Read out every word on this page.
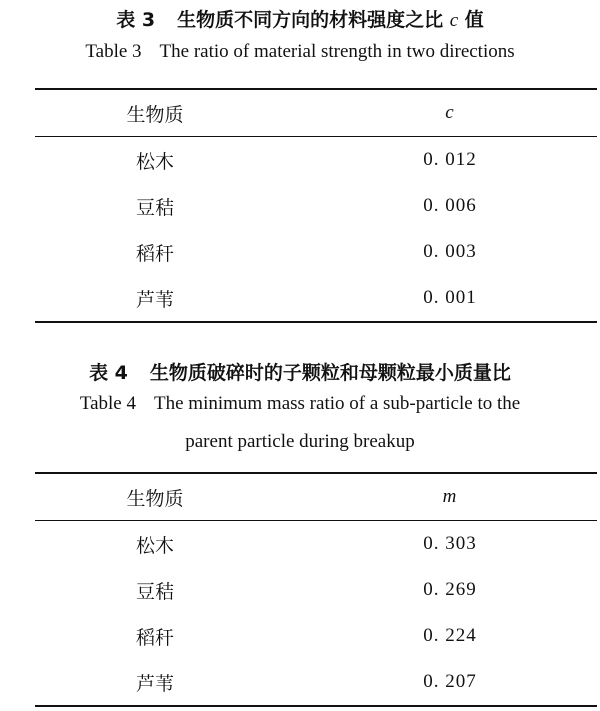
表 3 生物质不同方向的材料强度之比 c 值

Table 3 The ratio of material strength in two directions

生物质	c
松木	0. 012
豆秸	0. 006
稻秆	0. 003
芦苇	0. 001

表 4 生物质破碎时的子颗粒和母颗粒最小质量比

Table 4 The minimum mass ratio of a sub-particle to the

parent particle during breakup

生物质	m
松木	0. 303
豆秸	0. 269
稻秆	0. 224
芦苇	0. 207
